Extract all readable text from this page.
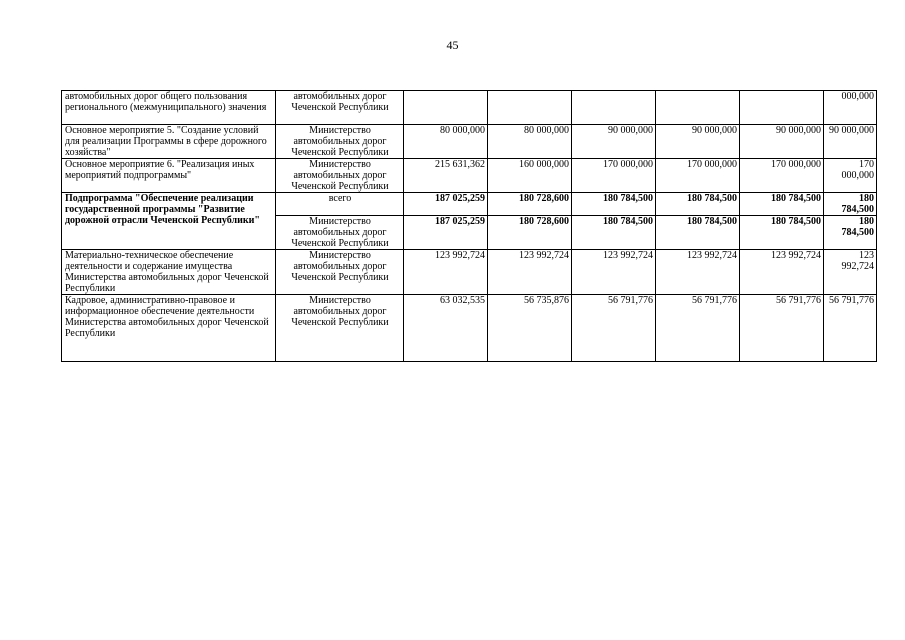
45
автомобильных дорог общего пользования регионального (межмуниципального) значения	автомобильных дорог Чеченской Республики						000,000
Основное мероприятие 5. "Создание условий для реализации Программы в сфере дорожного хозяйства"	Министерство автомобильных дорог Чеченской Республики	80 000,000	80 000,000	90 000,000	90 000,000	90 000,000	90 000,000
Основное мероприятие 6. "Реализация иных мероприятий подпрограммы"	Министерство автомобильных дорог Чеченской Республики	215 631,362	160 000,000	170 000,000	170 000,000	170 000,000	170 000,000
Подпрограмма "Обеспечение реализации государственной программы "Развитие дорожной отрасли Чеченской Республики"	всего	187 025,259	180 728,600	180 784,500	180 784,500	180 784,500	180 784,500
	Министерство автомобильных дорог Чеченской Республики	187 025,259	180 728,600	180 784,500	180 784,500	180 784,500	180 784,500
Материально-техническое обеспечение деятельности и содержание имущества Министерства автомобильных дорог Чеченской Республики	Министерство автомобильных дорог Чеченской Республики	123 992,724	123 992,724	123 992,724	123 992,724	123 992,724	123 992,724
Кадровое, административно-правовое и информационное обеспечение деятельности Министерства автомобильных дорог Чеченской Республики	Министерство автомобильных дорог Чеченской Республики	63 032,535	56 735,876	56 791,776	56 791,776	56 791,776	56 791,776
